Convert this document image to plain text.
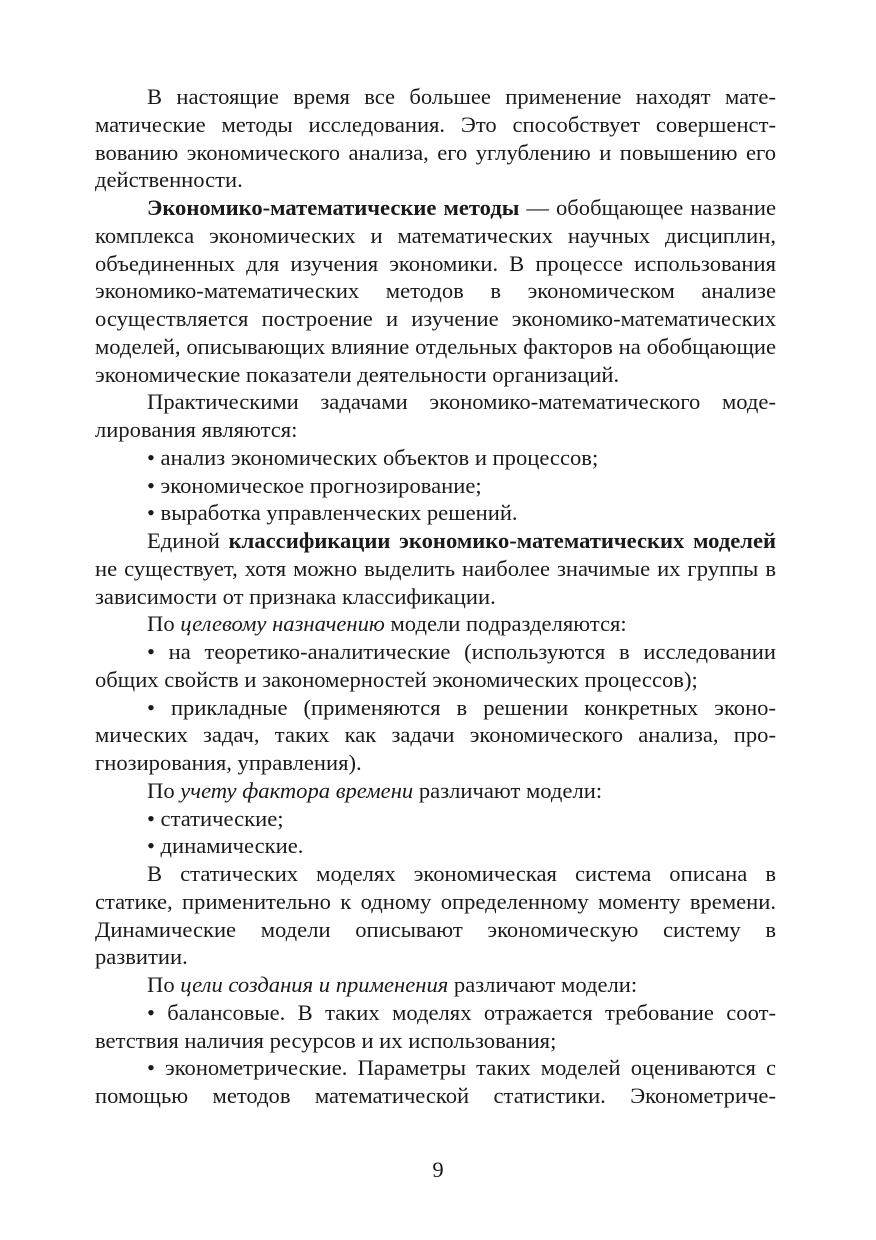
В настоящие время все большее применение находят математические методы исследования. Это способствует совершенствованию экономического анализа, его углублению и повышению его действенности.

Экономико-математические методы — обобщающее название комплекса экономических и математических научных дисциплин, объединенных для изучения экономики. В процессе использования экономико-математических методов в экономическом анализе осуществляется построение и изучение экономико-математических моделей, описывающих влияние отдельных факторов на обобщающие экономические показатели деятельности организаций.

Практическими задачами экономико-математического моделирования являются:

• анализ экономических объектов и процессов;

• экономическое прогнозирование;

• выработка управленческих решений.

Единой классификации экономико-математических моделей не существует, хотя можно выделить наиболее значимые их группы в зависимости от признака классификации.

По целевому назначению модели подразделяются:

• на теоретико-аналитические (используются в исследовании общих свойств и закономерностей экономических процессов);

• прикладные (применяются в решении конкретных экономических задач, таких как задачи экономического анализа, прогнозирования, управления).

По учету фактора времени различают модели:

• статические;

• динамические.

В статических моделях экономическая система описана в статике, применительно к одному определенному моменту времени. Динамические модели описывают экономическую систему в развитии.

По цели создания и применения различают модели:

• балансовые. В таких моделях отражается требование соответствия наличия ресурсов и их использования;

• эконометрические. Параметры таких моделей оцениваются с помощью методов математической статистики. Эконометриче-

9
